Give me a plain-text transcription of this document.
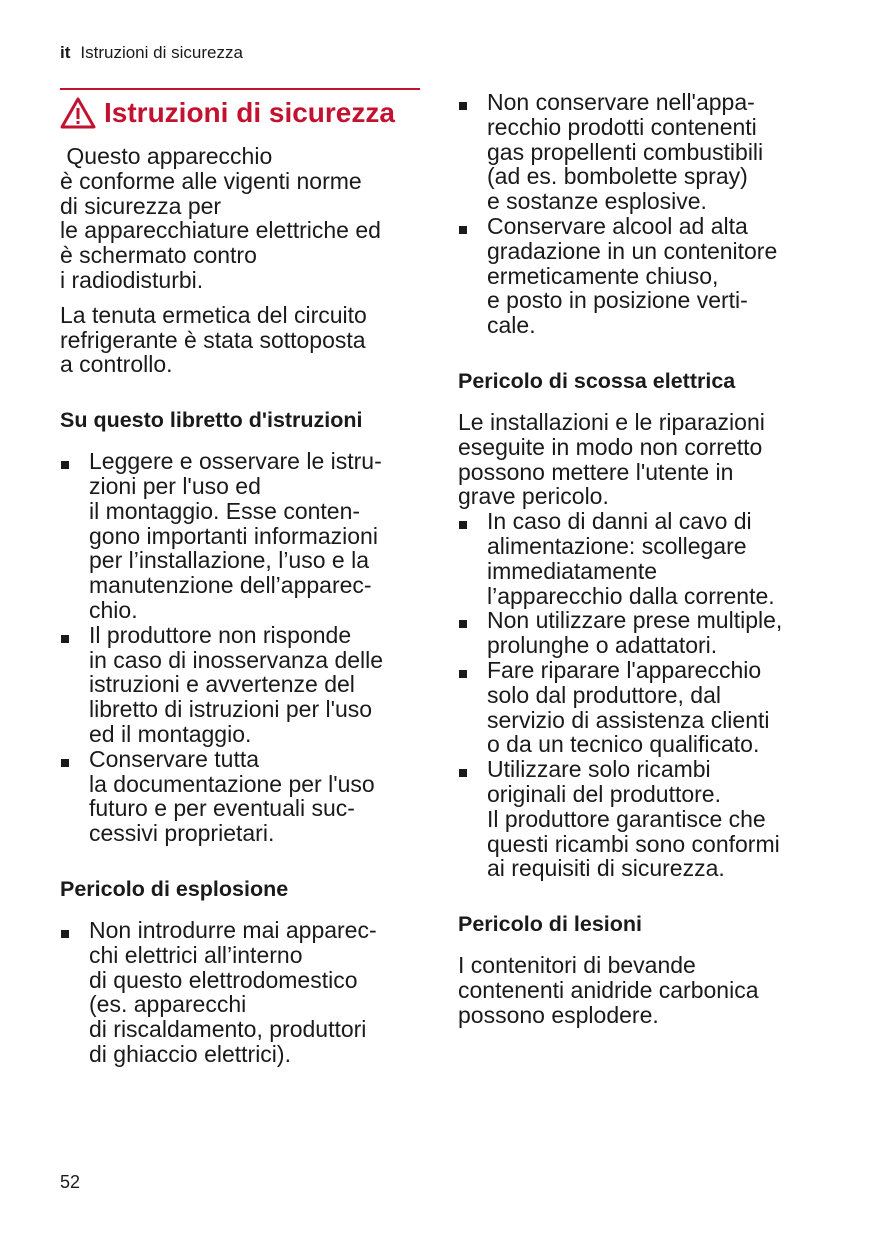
it Istruzioni di sicurezza
Istruzioni di sicurezza

Questo apparecchio
è conforme alle vigenti norme
di sicurezza per
le apparecchiature elettriche ed
è schermato contro
i radiodisturbi.

La tenuta ermetica del circuito
refrigerante è stata sottoposta
a controllo.

Su questo libretto d'istruzioni
Leggere e osservare le istru-
zioni per l'uso ed
il montaggio. Esse conten-
gono importanti informazioni
per l’installazione, l’uso e la
manutenzione dell’apparec-
chio.
Il produttore non risponde
in caso di inosservanza delle
istruzioni e avvertenze del
libretto di istruzioni per l'uso
ed il montaggio.
Conservare tutta
la documentazione per l'uso
futuro e per eventuali suc-
cessivi proprietari.
Pericolo di esplosione
Non introdurre mai apparec-
chi elettrici all’interno
di questo elettrodomestico
(es. apparecchi
di riscaldamento, produttori
di ghiaccio elettrici).
Non conservare nell'appa-
recchio prodotti contenenti
gas propellenti combustibili
(ad es. bombolette spray)
e sostanze esplosive.
Conservare alcool ad alta
gradazione in un contenitore
ermeticamente chiuso,
e posto in posizione verti-
cale.
Pericolo di scossa elettrica

Le installazioni e le riparazioni
eseguite in modo non corretto
possono mettere l'utente in
grave pericolo.

In caso di danni al cavo di
alimentazione: scollegare
immediatamente
l’apparecchio dalla corrente.
Non utilizzare prese multiple,
prolunghe o adattatori.
Fare riparare l'apparecchio
solo dal produttore, dal
servizio di assistenza clienti
o da un tecnico qualificato.
Utilizzare solo ricambi
originali del produttore.
Il produttore garantisce che
questi ricambi sono conformi
ai requisiti di sicurezza.
Pericolo di lesioni

I contenitori di bevande
contenenti anidride carbonica
possono esplodere.

52
